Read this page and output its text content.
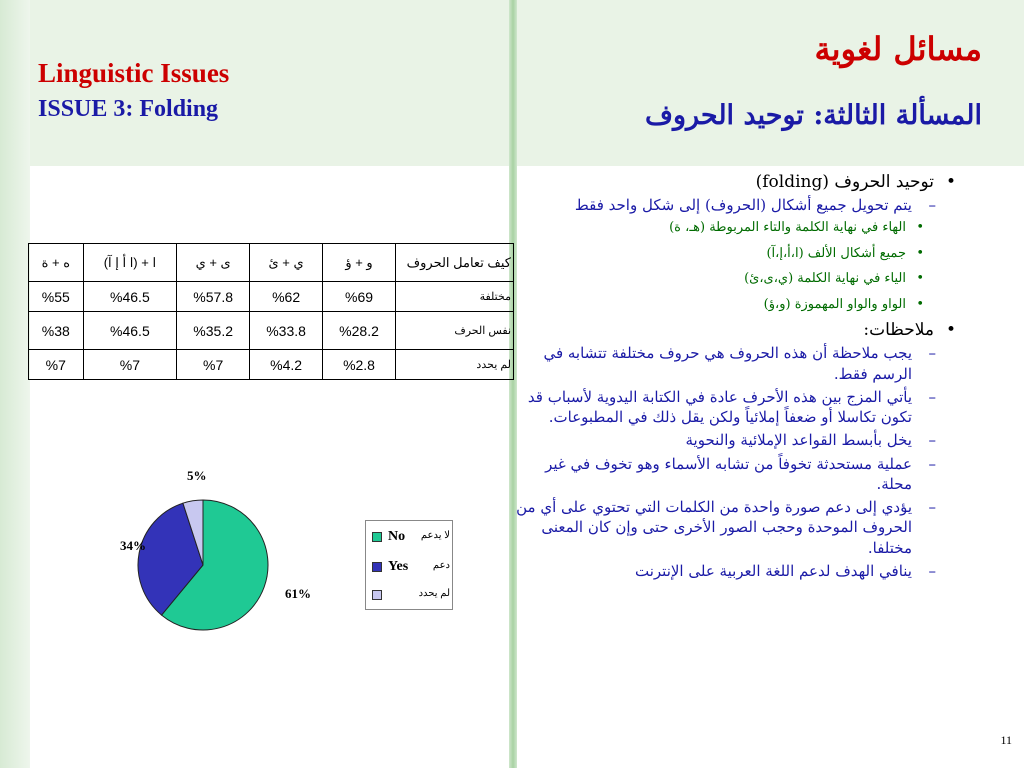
Linguistic Issues
ISSUE 3: Folding
مسائل لغوية
المسألة الثالثة: توحيد الحروف
كيف تعامل الحروف	و + ؤ	ي + ئ	ى + ي	ا + (ا أ إ آ)	ه + ة
مختلفة	%69	%62	%57.8	%46.5	%55
نفس الحرف	%28.2	%33.8	%35.2	%46.5	%38
لم يحدد	%2.8	%4.2	%7	%7	%7
61%
34%
5%
No لا يدعم
Yes دعم
لم يحدد
• توحيد الحروف (folding)
– يتم تحويل جميع أشكال (الحروف) إلى شكل واحد فقط
• الهاء في نهاية الكلمة والتاء المربوطة (هـ، ة)
• جميع أشكال الألف (ا،أ،إ،آ)
• الياء في نهاية الكلمة (ي،ى،ئ)
• الواو والواو المهموزة (و،ؤ)
• ملاحظات:
– يجب ملاحظة أن هذه الحروف هي حروف مختلفة تتشابه في الرسم فقط.
– يأتي المزج بين هذه الأحرف عادة في الكتابة اليدوية لأسباب قد تكون تكاسلا أو ضعفاً إملائياً ولكن يقل ذلك في المطبوعات.
– يخل بأبسط القواعد الإملائية والنحوية
– عملية مستحدثة تخوفاً من تشابه الأسماء وهو تخوف في غير محلة.
– يؤدي إلى دعم صورة واحدة من الكلمات التي تحتوي على أي من الحروف الموحدة وحجب الصور الأخرى حتى وإن كان المعنى مختلفا.
– ينافي الهدف لدعم اللغة العربية على الإنترنت
11
